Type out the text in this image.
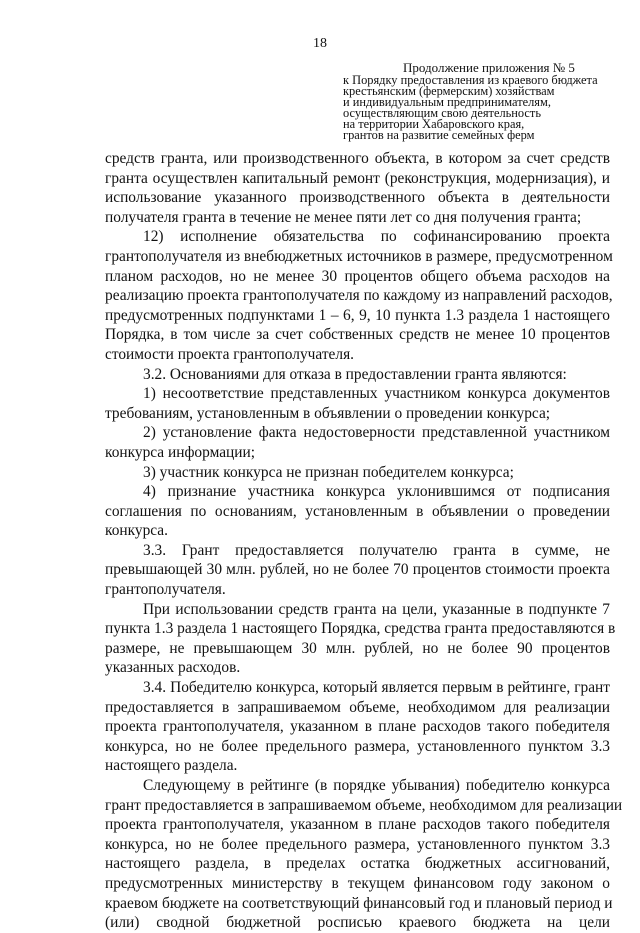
18
Продолжение приложения № 5
к Порядку предоставления из краевого бюджета
крестьянским (фермерским) хозяйствам
и индивидуальным предпринимателям,
осуществляющим свою деятельность
на территории Хабаровского края,
грантов на развитие семейных ферм

средств гранта, или производственного объекта, в котором за счет средств

гранта осуществлен капитальный ремонт (реконструкция, модернизация), и

использование указанного производственного объекта в деятельности

получателя гранта в течение не менее пяти лет со дня получения гранта;

12) исполнение обязательства по софинансированию проекта

грантополучателя из внебюджетных источников в размере, предусмотренном

планом расходов, но не менее 30 процентов общего объема расходов на

реализацию проекта грантополучателя по каждому из направлений расходов,

предусмотренных подпунктами 1 – 6, 9, 10 пункта 1.3 раздела 1 настоящего

Порядка, в том числе за счет собственных средств не менее 10 процентов

стоимости проекта грантополучателя.

3.2. Основаниями для отказа в предоставлении гранта являются:

1) несоответствие представленных участником конкурса документов

требованиям, установленным в объявлении о проведении конкурса;

2) установление факта недостоверности представленной участником

конкурса информации;

3) участник конкурса не признан победителем конкурса;

4) признание участника конкурса уклонившимся от подписания

соглашения по основаниям, установленным в объявлении о проведении

конкурса.

3.3. Грант предоставляется получателю гранта в сумме, не

превышающей 30 млн. рублей, но не более 70 процентов стоимости проекта

грантополучателя.

При использовании средств гранта на цели, указанные в подпункте 7

пункта 1.3 раздела 1 настоящего Порядка, средства гранта предоставляются в

размере, не превышающем 30 млн. рублей, но не более 90 процентов

указанных расходов.

3.4. Победителю конкурса, который является первым в рейтинге, грант

предоставляется в запрашиваемом объеме, необходимом для реализации

проекта грантополучателя, указанном в плане расходов такого победителя

конкурса, но не более предельного размера, установленного пунктом 3.3

настоящего раздела.

Следующему в рейтинге (в порядке убывания) победителю конкурса

грант предоставляется в запрашиваемом объеме, необходимом для реализации

проекта грантополучателя, указанном в плане расходов такого победителя

конкурса, но не более предельного размера, установленного пунктом 3.3

настоящего раздела, в пределах остатка бюджетных ассигнований,

предусмотренных министерству в текущем финансовом году законом о

краевом бюджете на соответствующий финансовый год и плановый период и

(или) сводной бюджетной росписью краевого бюджета на цели
